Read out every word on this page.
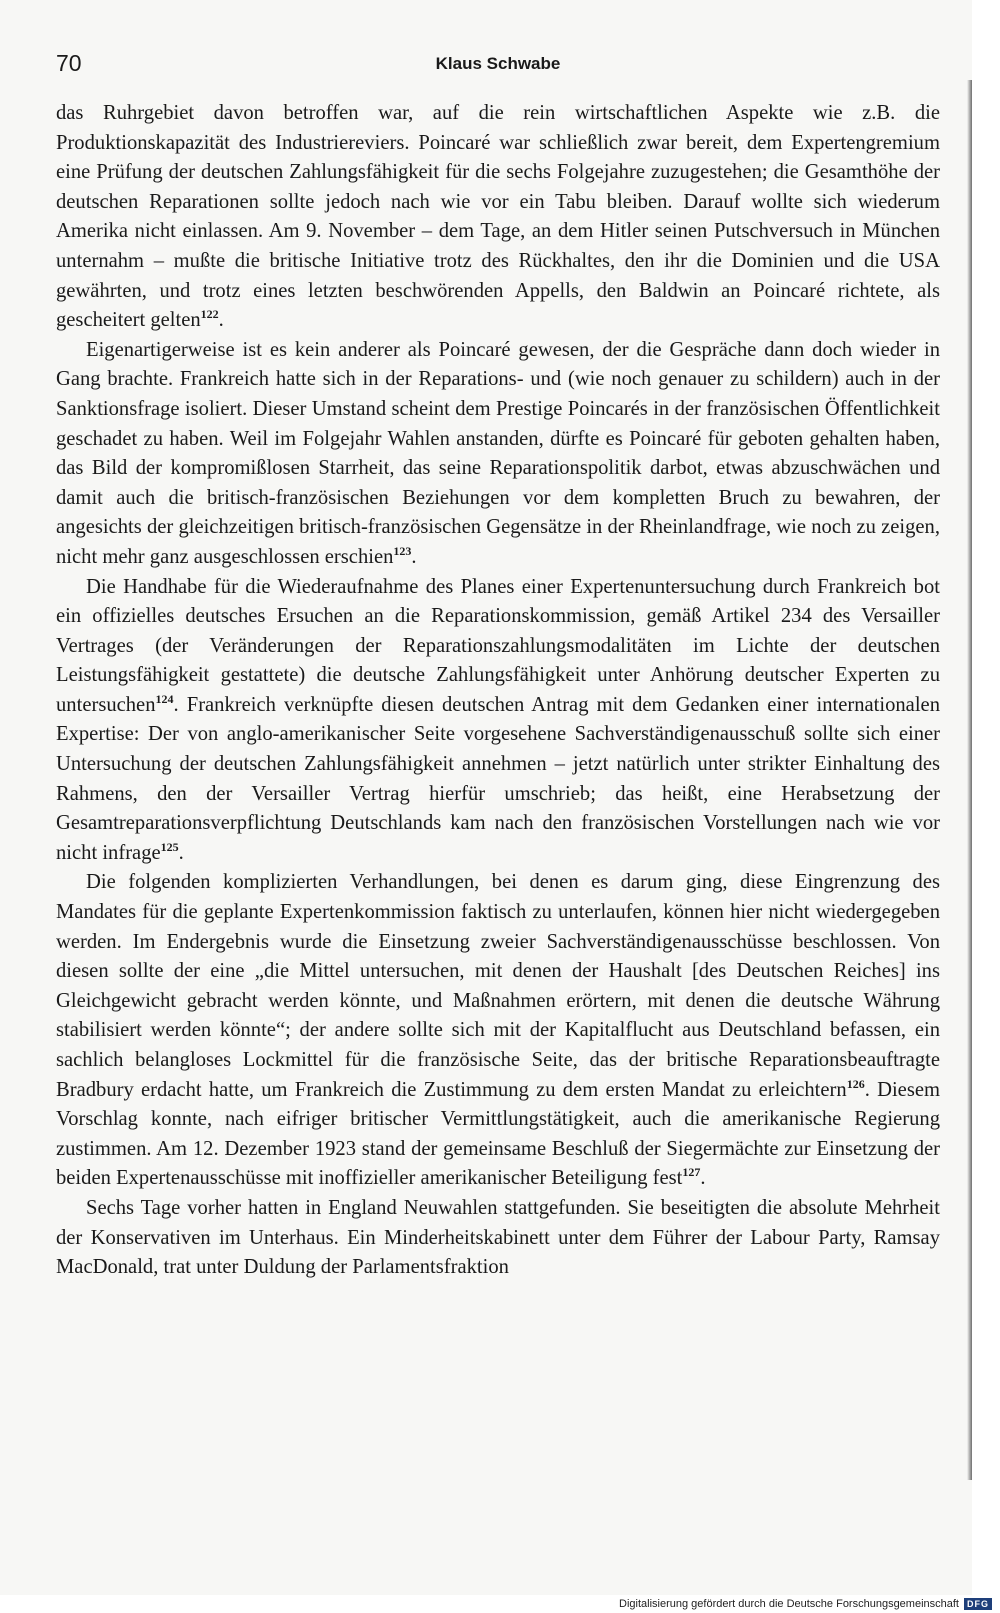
70	Klaus Schwabe

das Ruhrgebiet davon betroffen war, auf die rein wirtschaftlichen Aspekte wie z.B. die Produktionskapazität des Industriereviers. Poincaré war schließlich zwar bereit, dem Expertengremium eine Prüfung der deutschen Zahlungsfähigkeit für die sechs Folgejahre zuzugestehen; die Gesamthöhe der deutschen Reparationen sollte jedoch nach wie vor ein Tabu bleiben. Darauf wollte sich wiederum Amerika nicht einlassen. Am 9. November – dem Tage, an dem Hitler seinen Putschversuch in München unternahm – mußte die britische Initiative trotz des Rückhaltes, den ihr die Dominien und die USA gewährten, und trotz eines letzten beschwörenden Appells, den Baldwin an Poincaré richtete, als gescheitert gelten$^{122}$.

Eigenartigerweise ist es kein anderer als Poincaré gewesen, der die Gespräche dann doch wieder in Gang brachte. Frankreich hatte sich in der Reparations- und (wie noch genauer zu schildern) auch in der Sanktionsfrage isoliert. Dieser Umstand scheint dem Prestige Poincarés in der französischen Öffentlichkeit geschadet zu haben. Weil im Folgejahr Wahlen anstanden, dürfte es Poincaré für geboten gehalten haben, das Bild der kompromißlosen Starrheit, das seine Reparationspolitik darbot, etwas abzuschwächen und damit auch die britisch-französischen Beziehungen vor dem kompletten Bruch zu bewahren, der angesichts der gleichzeitigen britisch-französischen Gegensätze in der Rheinlandfrage, wie noch zu zeigen, nicht mehr ganz ausgeschlossen erschien$^{123}$.

Die Handhabe für die Wiederaufnahme des Planes einer Expertenuntersuchung durch Frankreich bot ein offizielles deutsches Ersuchen an die Reparationskommission, gemäß Artikel 234 des Versailler Vertrages (der Veränderungen der Reparationszahlungsmodalitäten im Lichte der deutschen Leistungsfähigkeit gestattete) die deutsche Zahlungsfähigkeit unter Anhörung deutscher Experten zu untersuchen$^{124}$. Frankreich verknüpfte diesen deutschen Antrag mit dem Gedanken einer internationalen Expertise: Der von anglo-amerikanischer Seite vorgesehene Sachverständigenausschuß sollte sich einer Untersuchung der deutschen Zahlungsfähigkeit annehmen – jetzt natürlich unter strikter Einhaltung des Rahmens, den der Versailler Vertrag hierfür umschrieb; das heißt, eine Herabsetzung der Gesamtreparationsverpflichtung Deutschlands kam nach den französischen Vorstellungen nach wie vor nicht infrage$^{125}$.

Die folgenden komplizierten Verhandlungen, bei denen es darum ging, diese Eingrenzung des Mandates für die geplante Expertenkommission faktisch zu unterlaufen, können hier nicht wiedergegeben werden. Im Endergebnis wurde die Einsetzung zweier Sachverständigenausschüsse beschlossen. Von diesen sollte der eine „die Mittel untersuchen, mit denen der Haushalt [des Deutschen Reiches] ins Gleichgewicht gebracht werden könnte, und Maßnahmen erörtern, mit denen die deutsche Währung stabilisiert werden könnte“; der andere sollte sich mit der Kapitalflucht aus Deutschland befassen, ein sachlich belangloses Lockmittel für die französische Seite, das der britische Reparationsbeauftragte Bradbury erdacht hatte, um Frankreich die Zustimmung zu dem ersten Mandat zu erleichtern$^{126}$. Diesem Vorschlag konnte, nach eifriger britischer Vermittlungstätigkeit, auch die amerikanische Regierung zustimmen. Am 12. Dezember 1923 stand der gemeinsame Beschluß der Siegermächte zur Einsetzung der beiden Expertenausschüsse mit inoffizieller amerikanischer Beteiligung fest$^{127}$.

Sechs Tage vorher hatten in England Neuwahlen stattgefunden. Sie beseitigten die absolute Mehrheit der Konservativen im Unterhaus. Ein Minderheitskabinett unter dem Führer der Labour Party, Ramsay MacDonald, trat unter Duldung der Parlamentsfraktion

Digitalisierung gefördert durch die Deutsche Forschungsgemeinschaft DFG
